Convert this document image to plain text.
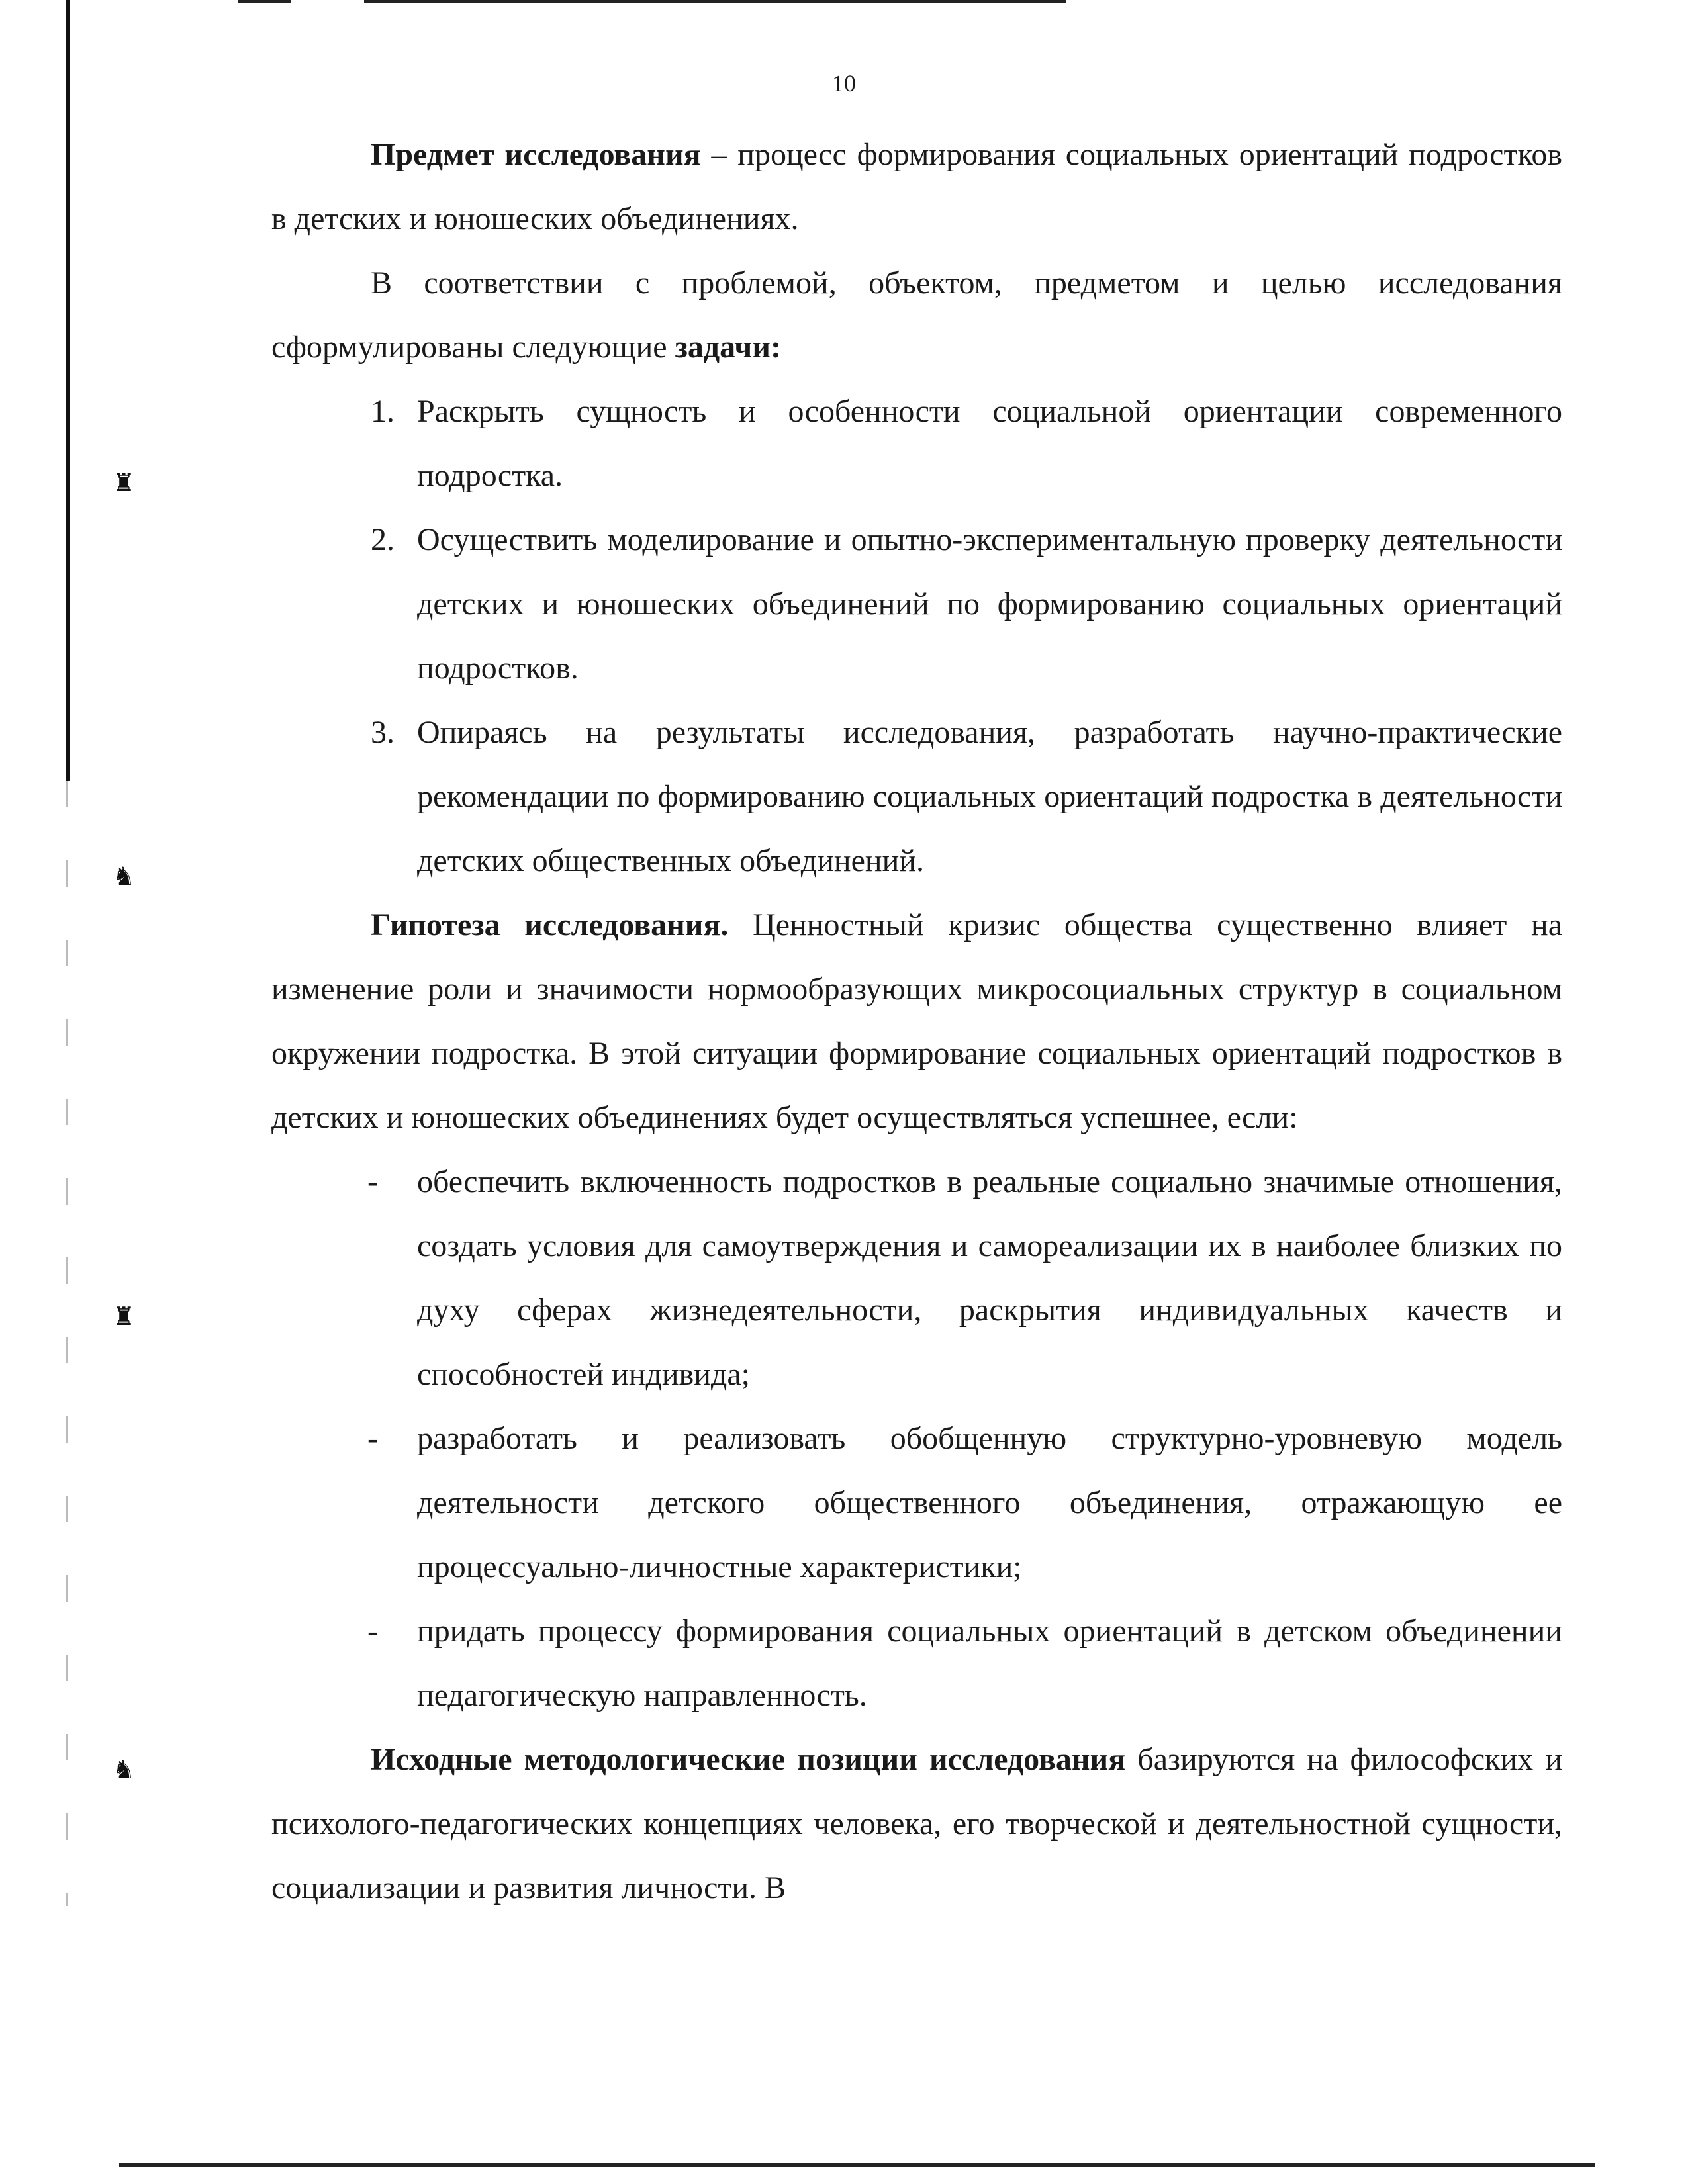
♜
♞
♜
♞
10

Предмет исследования – процесс формирования социальных ориентаций подростков в детских и юношеских объединениях.

В соответствии с проблемой, объектом, предметом и целью исследования сформулированы следующие задачи:

1. Раскрыть сущность и особенности социальной ориентации современного подростка.
2. Осуществить моделирование и опытно-экспериментальную проверку деятельности детских и юношеских объединений по формированию социальных ориентаций подростков.
3. Опираясь на результаты исследования, разработать научно-практические рекомендации по формированию социальных ориентаций подростка в деятельности детских общественных объединений.

Гипотеза исследования. Ценностный кризис общества существенно влияет на изменение роли и значимости нормообразующих микросоциальных структур в социальном окружении подростка. В этой ситуации формирование социальных ориентаций подростков в детских и юношеских объединениях будет осуществляться успешнее, если:

- обеспечить включенность подростков в реальные социально значимые отношения, создать условия для самоутверждения и самореализации их в наиболее близких по духу сферах жизнедеятельности, раскрытия индивидуальных качеств и способностей индивида;
- разработать и реализовать обобщенную структурно-уровневую модель деятельности детского общественного объединения, отражающую ее процессуально-личностные характеристики;
- придать процессу формирования социальных ориентаций в детском объединении педагогическую направленность.

Исходные методологические позиции исследования базируются на философских и психолого-педагогических концепциях человека, его творческой и деятельностной сущности, социализации и развития личности. В
